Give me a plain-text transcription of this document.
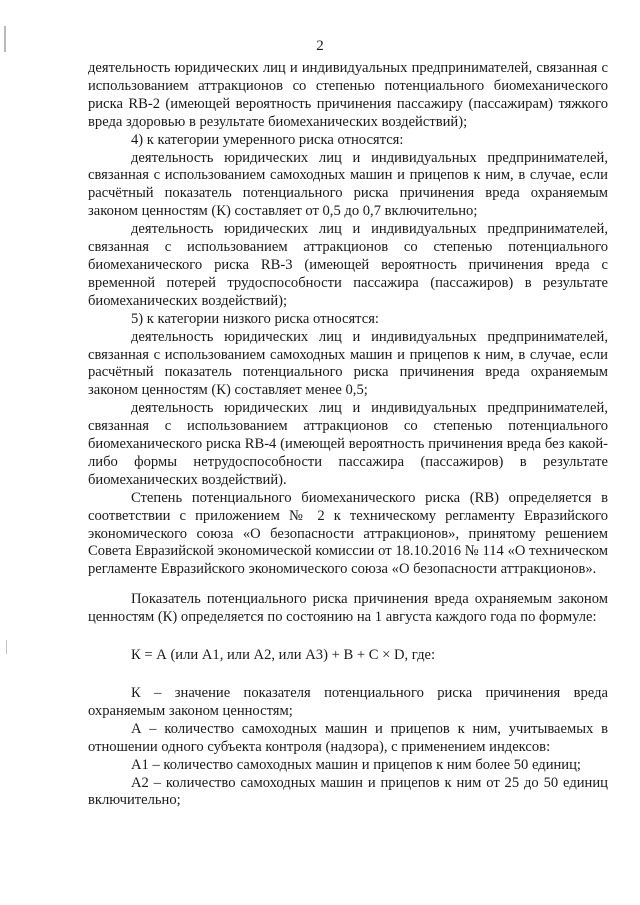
2

деятельность юридических лиц и индивидуальных предпринимателей, связанная с использованием аттракционов со степенью потенциального биомеханического риска RB-2 (имеющей вероятность причинения пассажиру (пассажирам) тяжкого вреда здоровью в результате биомеханических воздействий);

4) к категории умеренного риска относятся:

деятельность юридических лиц и индивидуальных предпринимателей, связанная с использованием самоходных машин и прицепов к ним, в случае, если расчётный показатель потенциального риска причинения вреда охраняемым законом ценностям (К) составляет от 0,5 до 0,7 включительно;

деятельность юридических лиц и индивидуальных предпринимателей, связанная с использованием аттракционов со степенью потенциального биомеханического риска RB-3 (имеющей вероятность причинения вреда с временной потерей трудоспособности пассажира (пассажиров) в результате биомеханических воздействий);

5) к категории низкого риска относятся:

деятельность юридических лиц и индивидуальных предпринимателей, связанная с использованием самоходных машин и прицепов к ним, в случае, если расчётный показатель потенциального риска причинения вреда охраняемым законом ценностям (К) составляет менее 0,5;

деятельность юридических лиц и индивидуальных предпринимателей, связанная с использованием аттракционов со степенью потенциального биомеханического риска RB-4 (имеющей вероятность причинения вреда без какой-либо формы нетрудоспособности пассажира (пассажиров) в результате биомеханических воздействий).

Степень потенциального биомеханического риска (RB) определяется в соответствии с приложением № 2 к техническому регламенту Евразийского экономического союза «О безопасности аттракционов», принятому решением Совета Евразийской экономической комиссии от 18.10.2016 № 114 «О техническом регламенте Евразийского экономического союза «О безопасности аттракционов».

Показатель потенциального риска причинения вреда охраняемым законом ценностям (К) определяется по состоянию на 1 августа каждого года по формуле:

К = А (или А1, или А2, или А3) + В + С × D, где:

К – значение показателя потенциального риска причинения вреда охраняемым законом ценностям;

А – количество самоходных машин и прицепов к ним, учитываемых в отношении одного субъекта контроля (надзора), с применением индексов:

А1 – количество самоходных машин и прицепов к ним более 50 единиц;

А2 – количество самоходных машин и прицепов к ним от 25 до 50 единиц включительно;
